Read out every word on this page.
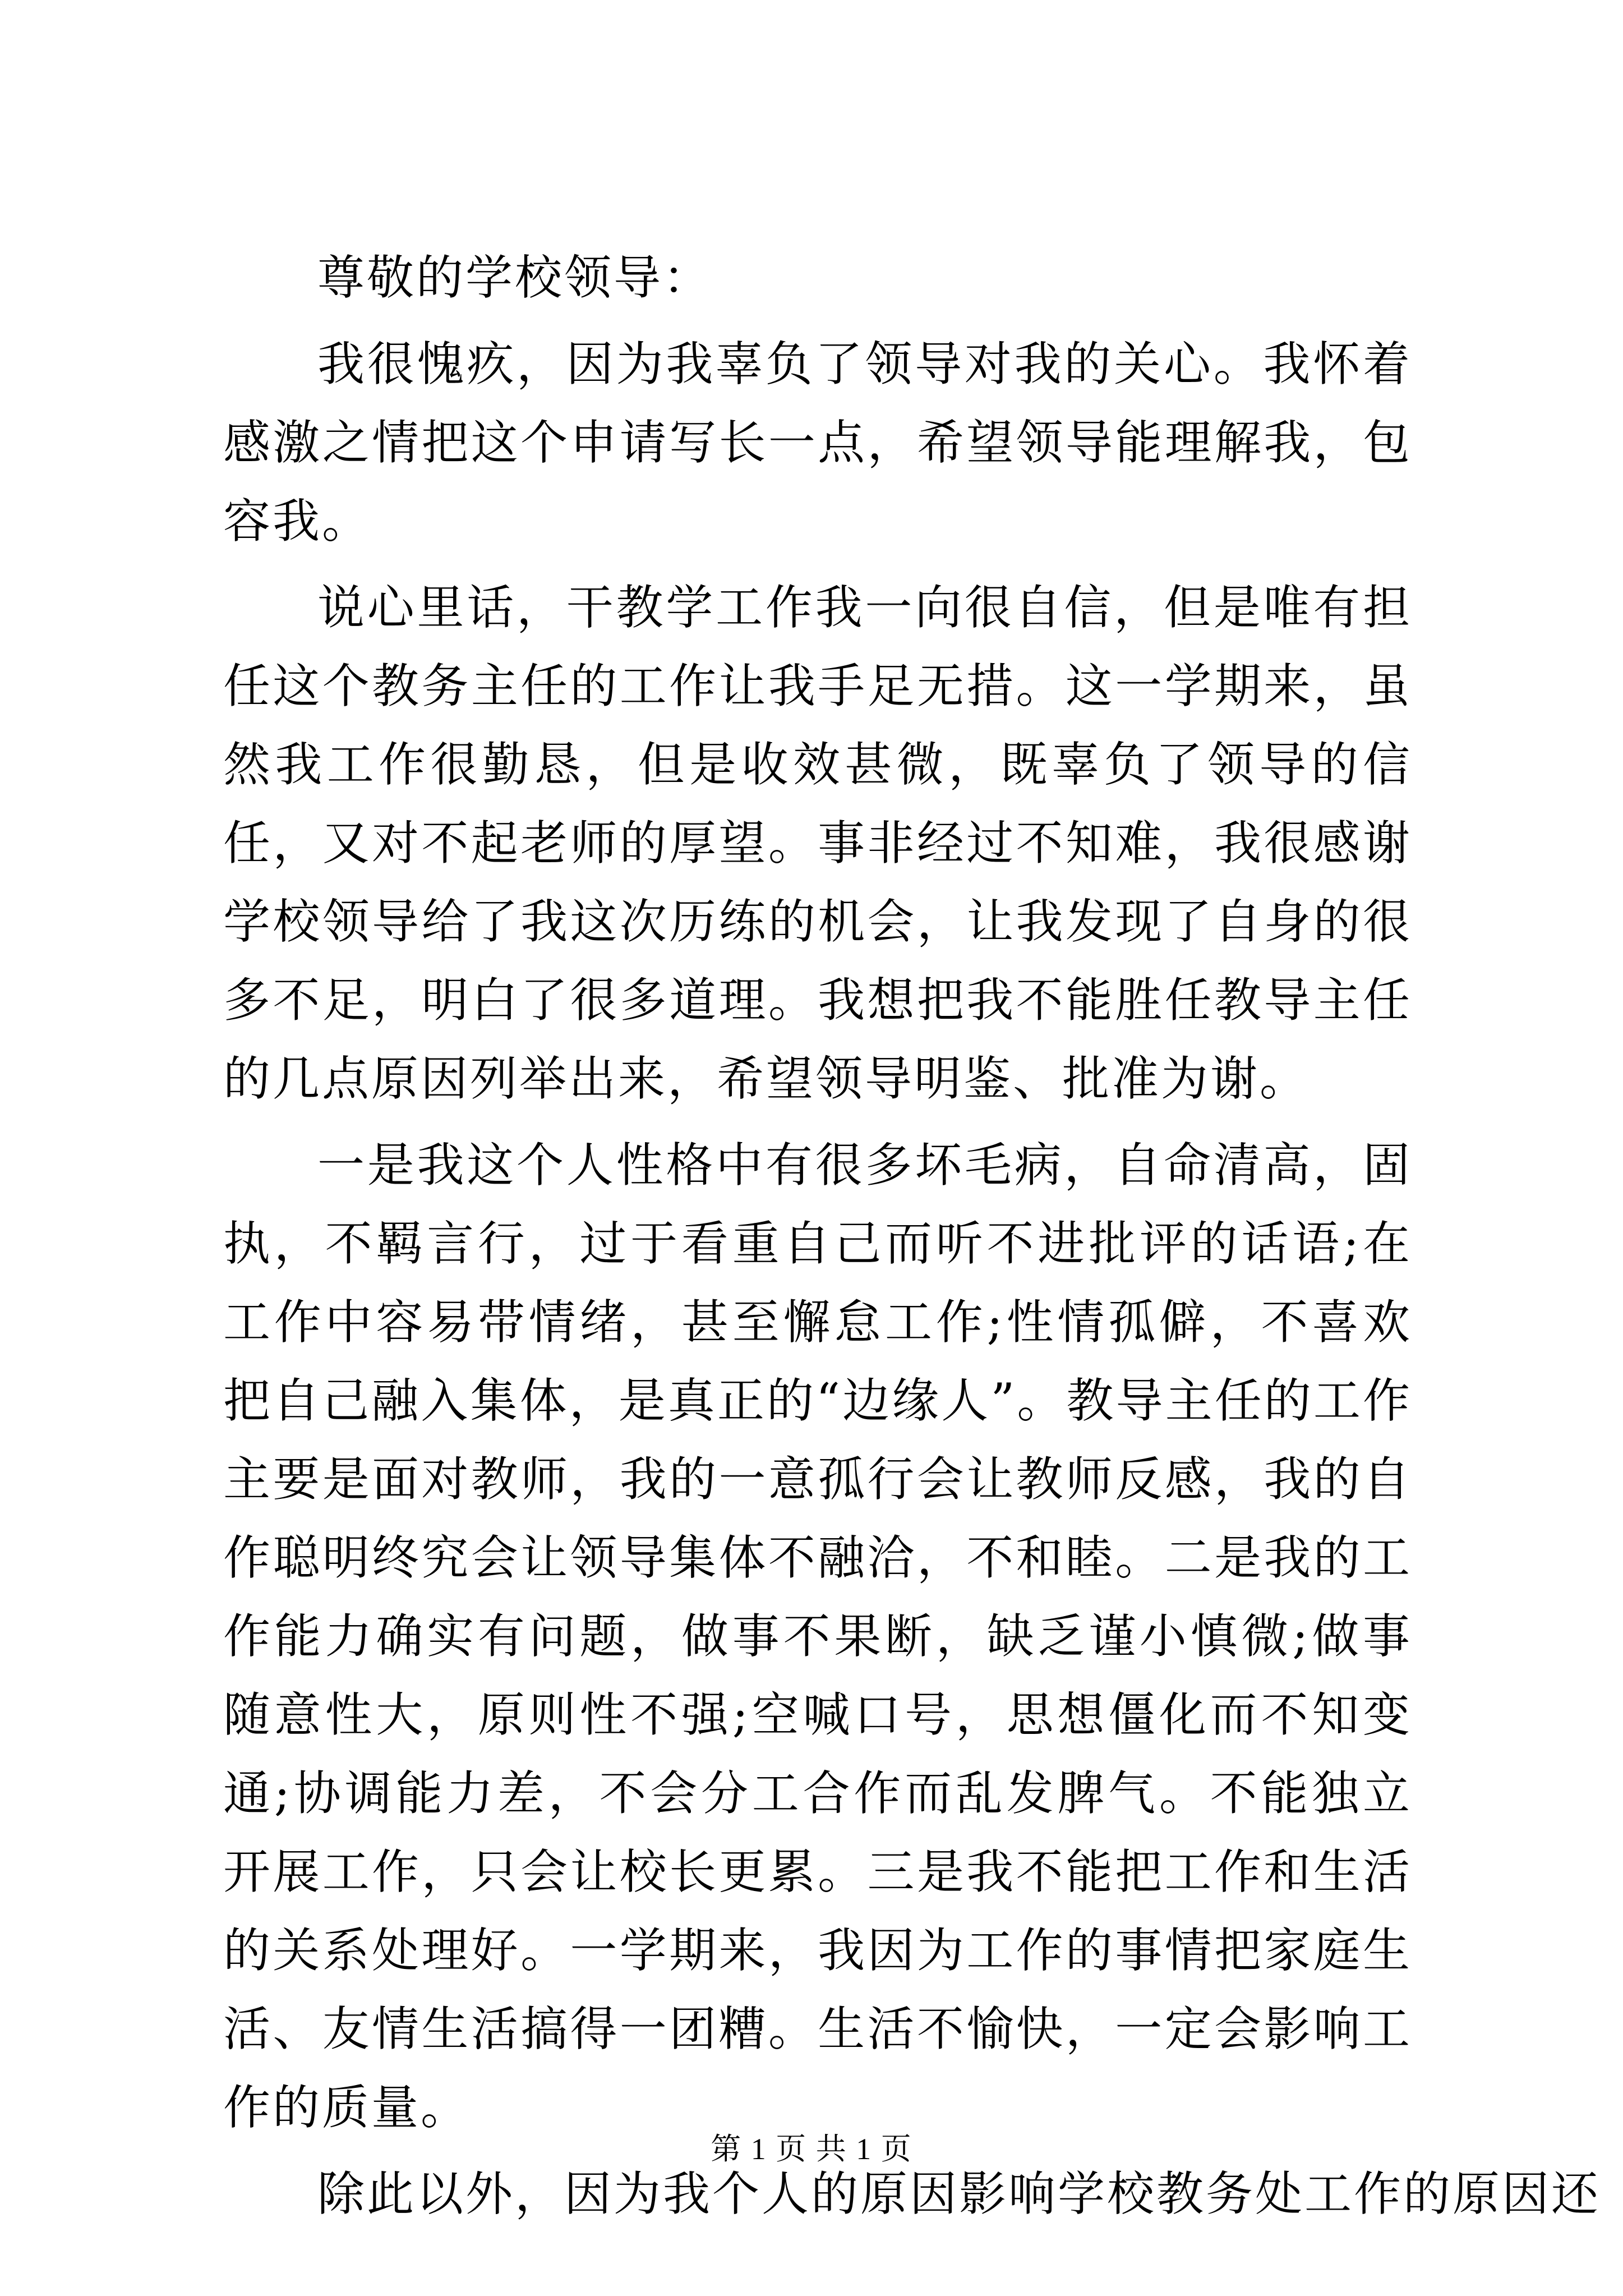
尊敬的学校领导：

我很愧疚，因为我辜负了领导对我的关心。我怀着感激之情把这个申请写长一点，希望领导能理解我，包容我。

说心里话，干教学工作我一向很自信，但是唯有担任这个教务主任的工作让我手足无措。这一学期来，虽然我工作很勤恳，但是收效甚微，既辜负了领导的信任，又对不起老师的厚望。事非经过不知难，我很感谢学校领导给了我这次历练的机会，让我发现了自身的很多不足，明白了很多道理。我想把我不能胜任教导主任的几点原因列举出来，希望领导明鉴、批准为谢。

一是我这个人性格中有很多坏毛病，自命清高，固执，不羁言行，过于看重自己而听不进批评的话语;在工作中容易带情绪，甚至懈怠工作;性情孤僻，不喜欢把自己融入集体，是真正的“边缘人”。教导主任的工作主要是面对教师，我的一意孤行会让教师反感，我的自作聪明终究会让领导集体不融洽，不和睦。二是我的工作能力确实有问题，做事不果断，缺乏谨小慎微;做事随意性大，原则性不强;空喊口号，思想僵化而不知变通;协调能力差，不会分工合作而乱发脾气。不能独立开展工作，只会让校长更累。三是我不能把工作和生活的关系处理好。一学期来，我因为工作的事情把家庭生活、友情生活搞得一团糟。生活不愉快，一定会影响工作的质量。

除此以外，因为我个人的原因影响学校教务处工作的原因还

第 1 页 共 1 页
